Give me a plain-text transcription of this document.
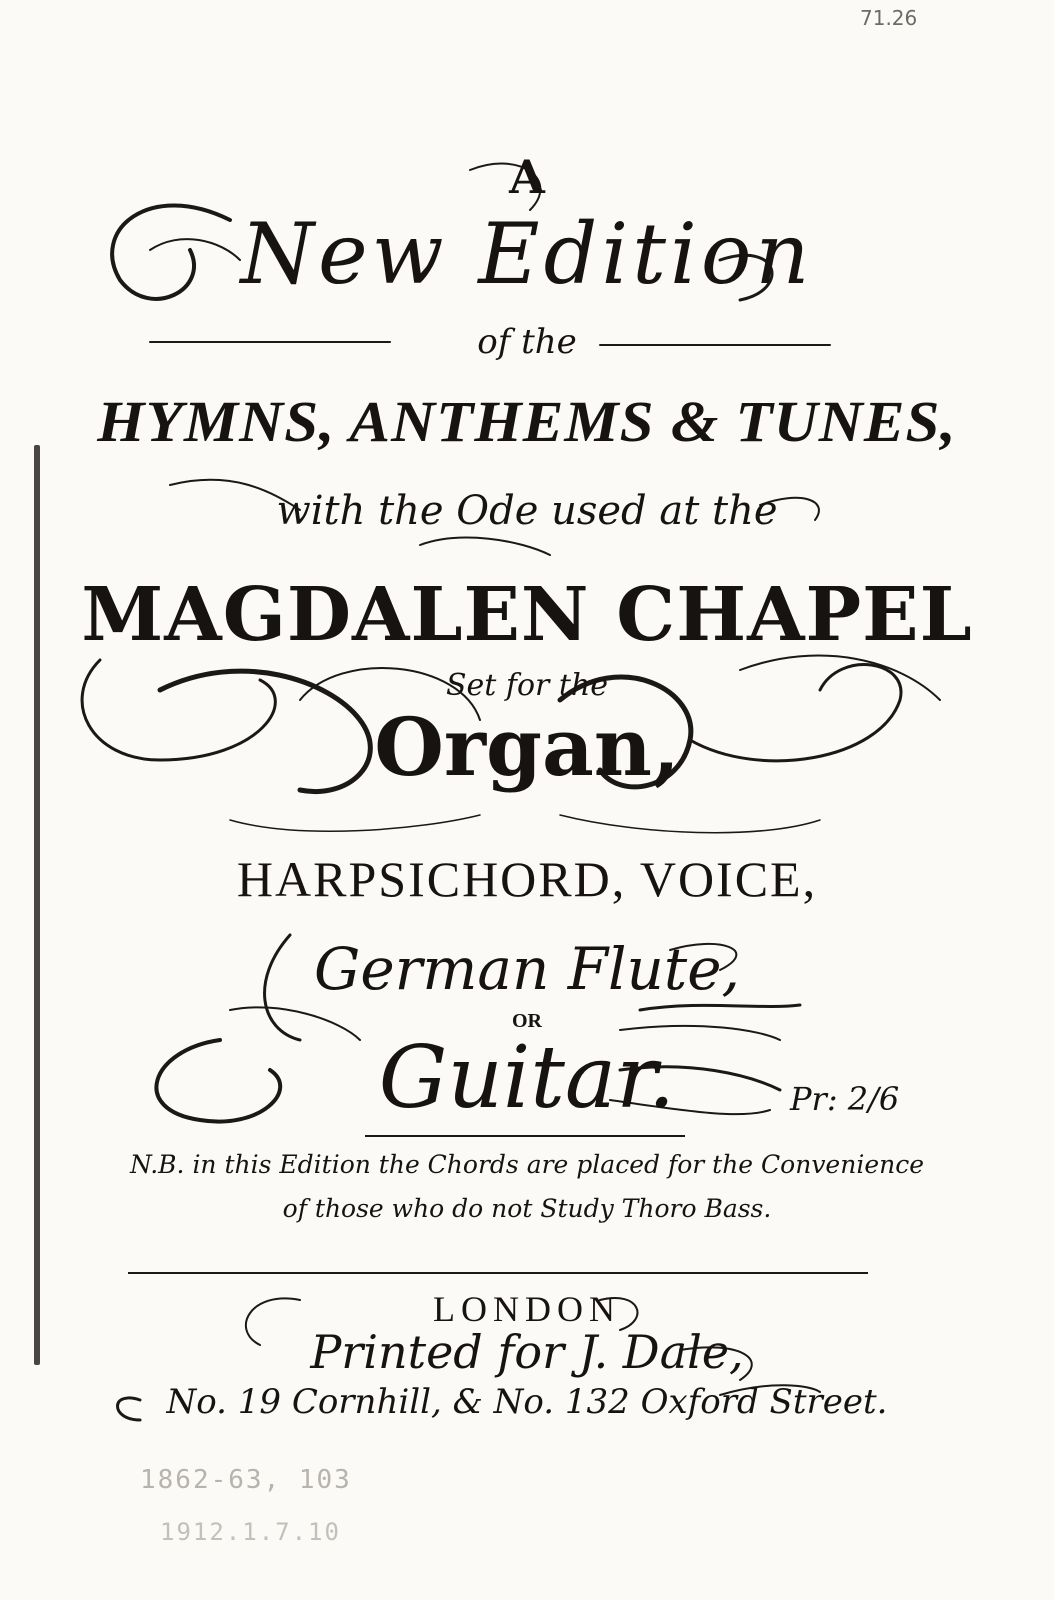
71.26
A
New Edition
of the
HYMNS, ANTHEMS & TUNES,
with the Ode used at the
MAGDALEN CHAPEL
Set for the
Organ,
HARPSICHORD, VOICE,
German Flute,
OR
Guitar.	Pr: 2/6
N.B. in this Edition the Chords are placed for the Convenience
of those who do not Study Thoro Bass.
LONDON
Printed for J. Dale,
No. 19 Cornhill, & No. 132 Oxford Street.
1862-63, 103
1912.1.7.10
